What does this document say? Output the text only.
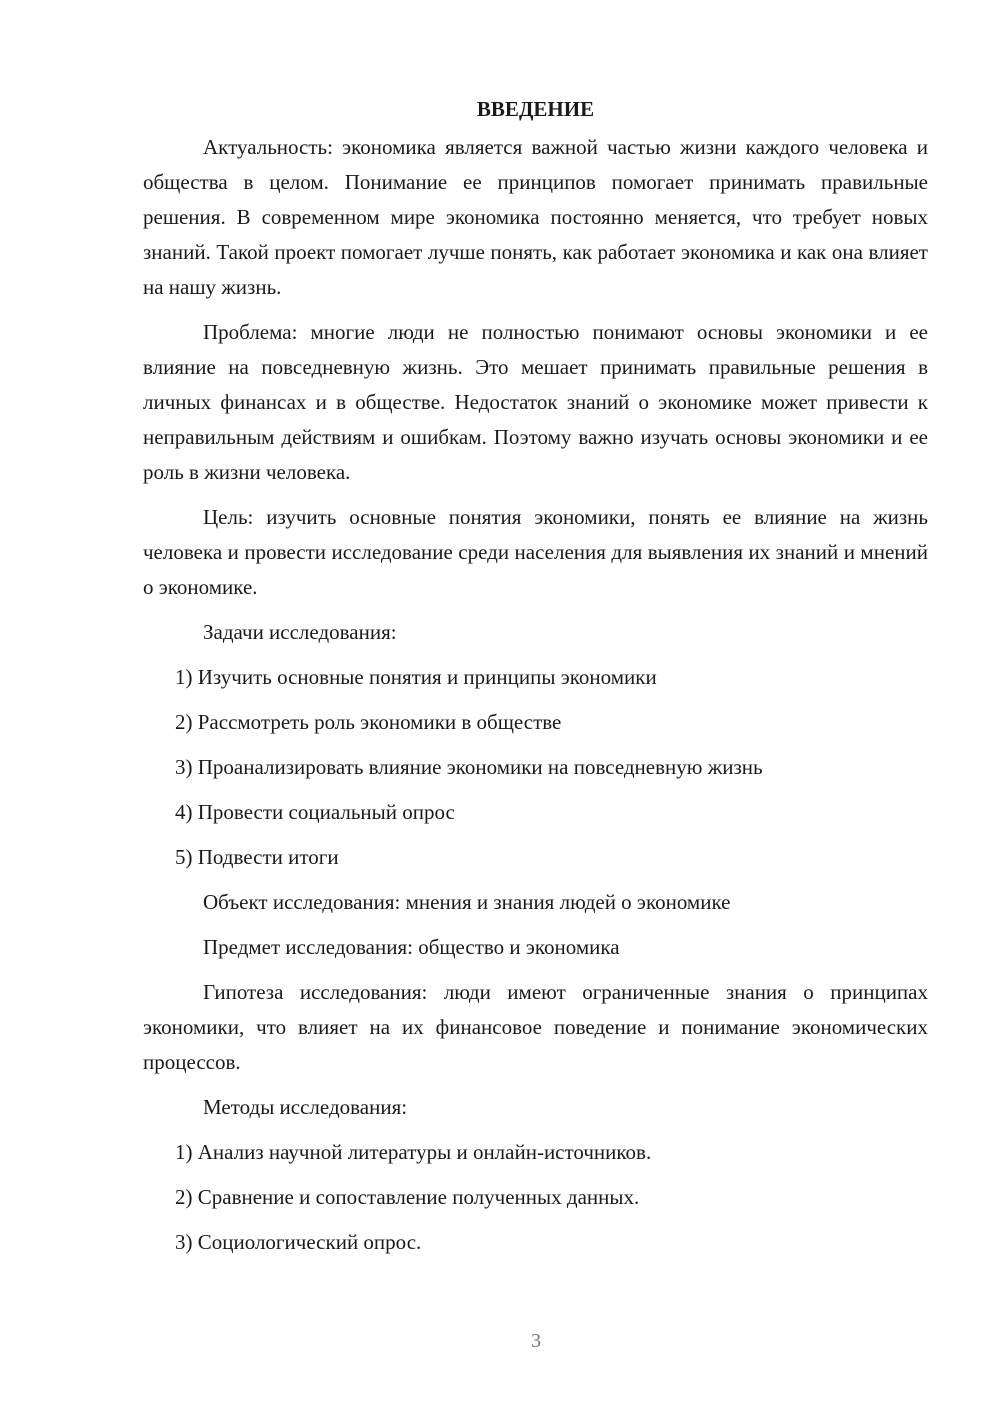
ВВЕДЕНИЕ

Актуальность: экономика является важной частью жизни каждого человека и общества в целом. Понимание ее принципов помогает принимать правильные решения. В современном мире экономика постоянно меняется, что требует новых знаний. Такой проект помогает лучше понять, как работает экономика и как она влияет на нашу жизнь.

Проблема: многие люди не полностью понимают основы экономики и ее влияние на повседневную жизнь. Это мешает принимать правильные решения в личных финансах и в обществе. Недостаток знаний о экономике может привести к неправильным действиям и ошибкам. Поэтому важно изучать основы экономики и ее роль в жизни человека.

Цель: изучить основные понятия экономики, понять ее влияние на жизнь человека и провести исследование среди населения для выявления их знаний и мнений о экономике.

Задачи исследования:
1) Изучить основные понятия и принципы экономики
2) Рассмотреть роль экономики в обществе
3) Проанализировать влияние экономики на повседневную жизнь
4) Провести социальный опрос
5) Подвести итоги
Объект исследования: мнения и знания людей о экономике
Предмет исследования: общество и экономика

Гипотеза исследования: люди имеют ограниченные знания о принципах экономики, что влияет на их финансовое поведение и понимание экономических процессов.

Методы исследования:
1) Анализ научной литературы и онлайн-источников.
2) Сравнение и сопоставление полученных данных.
3) Социологический опрос.
3
